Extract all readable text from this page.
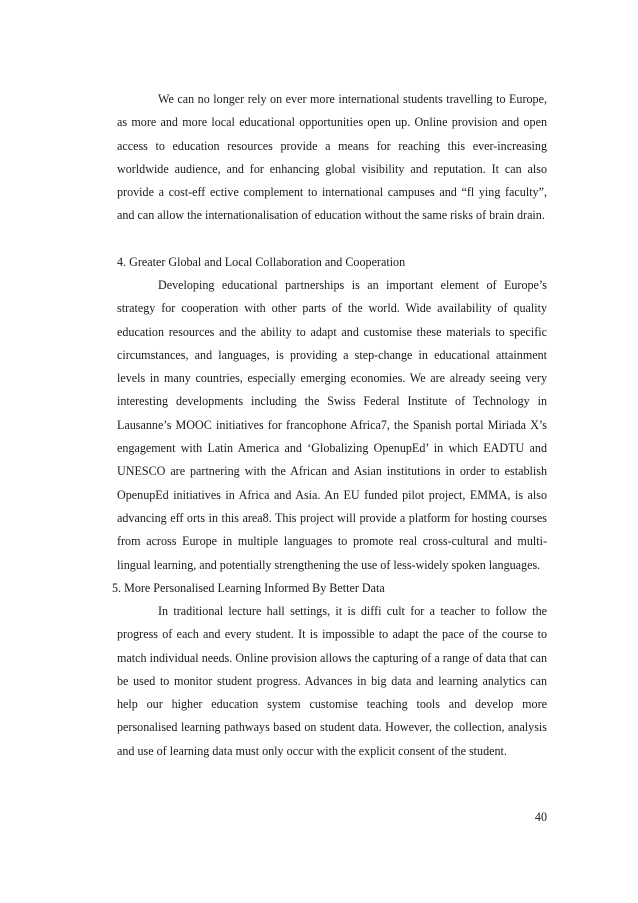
We can no longer rely on ever more international students travelling to Europe, as more and more local educational opportunities open up. Online provision and open access to education resources provide a means for reaching this ever-increasing worldwide audience, and for enhancing global visibility and reputation. It can also provide a cost-eff ective complement to international campuses and “fl ying faculty”, and can allow the internationalisation of education without the same risks of brain drain.

4. Greater Global and Local Collaboration and Cooperation

Developing educational partnerships is an important element of Europe’s strategy for cooperation with other parts of the world. Wide availability of quality education resources and the ability to adapt and customise these materials to specific circumstances, and languages, is providing a step-change in educational attainment levels in many countries, especially emerging economies. We are already seeing very interesting developments including the Swiss Federal Institute of Technology in Lausanne’s MOOC initiatives for francophone Africa7, the Spanish portal Miriada X’s engagement with Latin America and ‘Globalizing OpenupEd’ in which EADTU and UNESCO are partnering with the African and Asian institutions in order to establish OpenupEd initiatives in Africa and Asia. An EU funded pilot project, EMMA, is also advancing eff orts in this area8. This project will provide a platform for hosting courses from across Europe in multiple languages to promote real cross-cultural and multi-lingual learning, and potentially strengthening the use of less-widely spoken languages.

5. More Personalised Learning Informed By Better Data

In traditional lecture hall settings, it is diffi cult for a teacher to follow the progress of each and every student. It is impossible to adapt the pace of the course to match individual needs. Online provision allows the capturing of a range of data that can be used to monitor student progress. Advances in big data and learning analytics can help our higher education system customise teaching tools and develop more personalised learning pathways based on student data. However, the collection, analysis and use of learning data must only occur with the explicit consent of the student.

40
